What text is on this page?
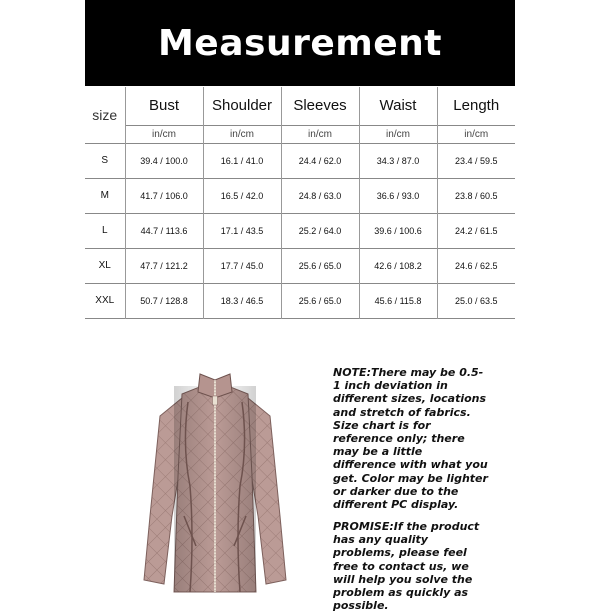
Measurement
size	Bust	Shoulder	Sleeves	Waist	Length
	in/cm	in/cm	in/cm	in/cm	in/cm
S	39.4 / 100.0	16.1 / 41.0	24.4 / 62.0	34.3 / 87.0	23.4 / 59.5
M	41.7 / 106.0	16.5 / 42.0	24.8 / 63.0	36.6 / 93.0	23.8 / 60.5
L	44.7 / 113.6	17.1 / 43.5	25.2 / 64.0	39.6 / 100.6	24.2 / 61.5
XL	47.7 / 121.2	17.7 / 45.0	25.6 / 65.0	42.6 / 108.2	24.6 / 62.5
XXL	50.7 / 128.8	18.3 / 46.5	25.6 / 65.0	45.6 / 115.8	25.0 / 63.5
NOTE:There may be 0.5-1 inch deviation in different sizes, locations and stretch of fabrics. Size chart is for reference only; there may be a little difference with what you get. Color may be lighter or darker due to the different PC display.
PROMISE:If the product has any quality problems, please feel free to contact us, we will help you solve the problem as quickly as possible.
